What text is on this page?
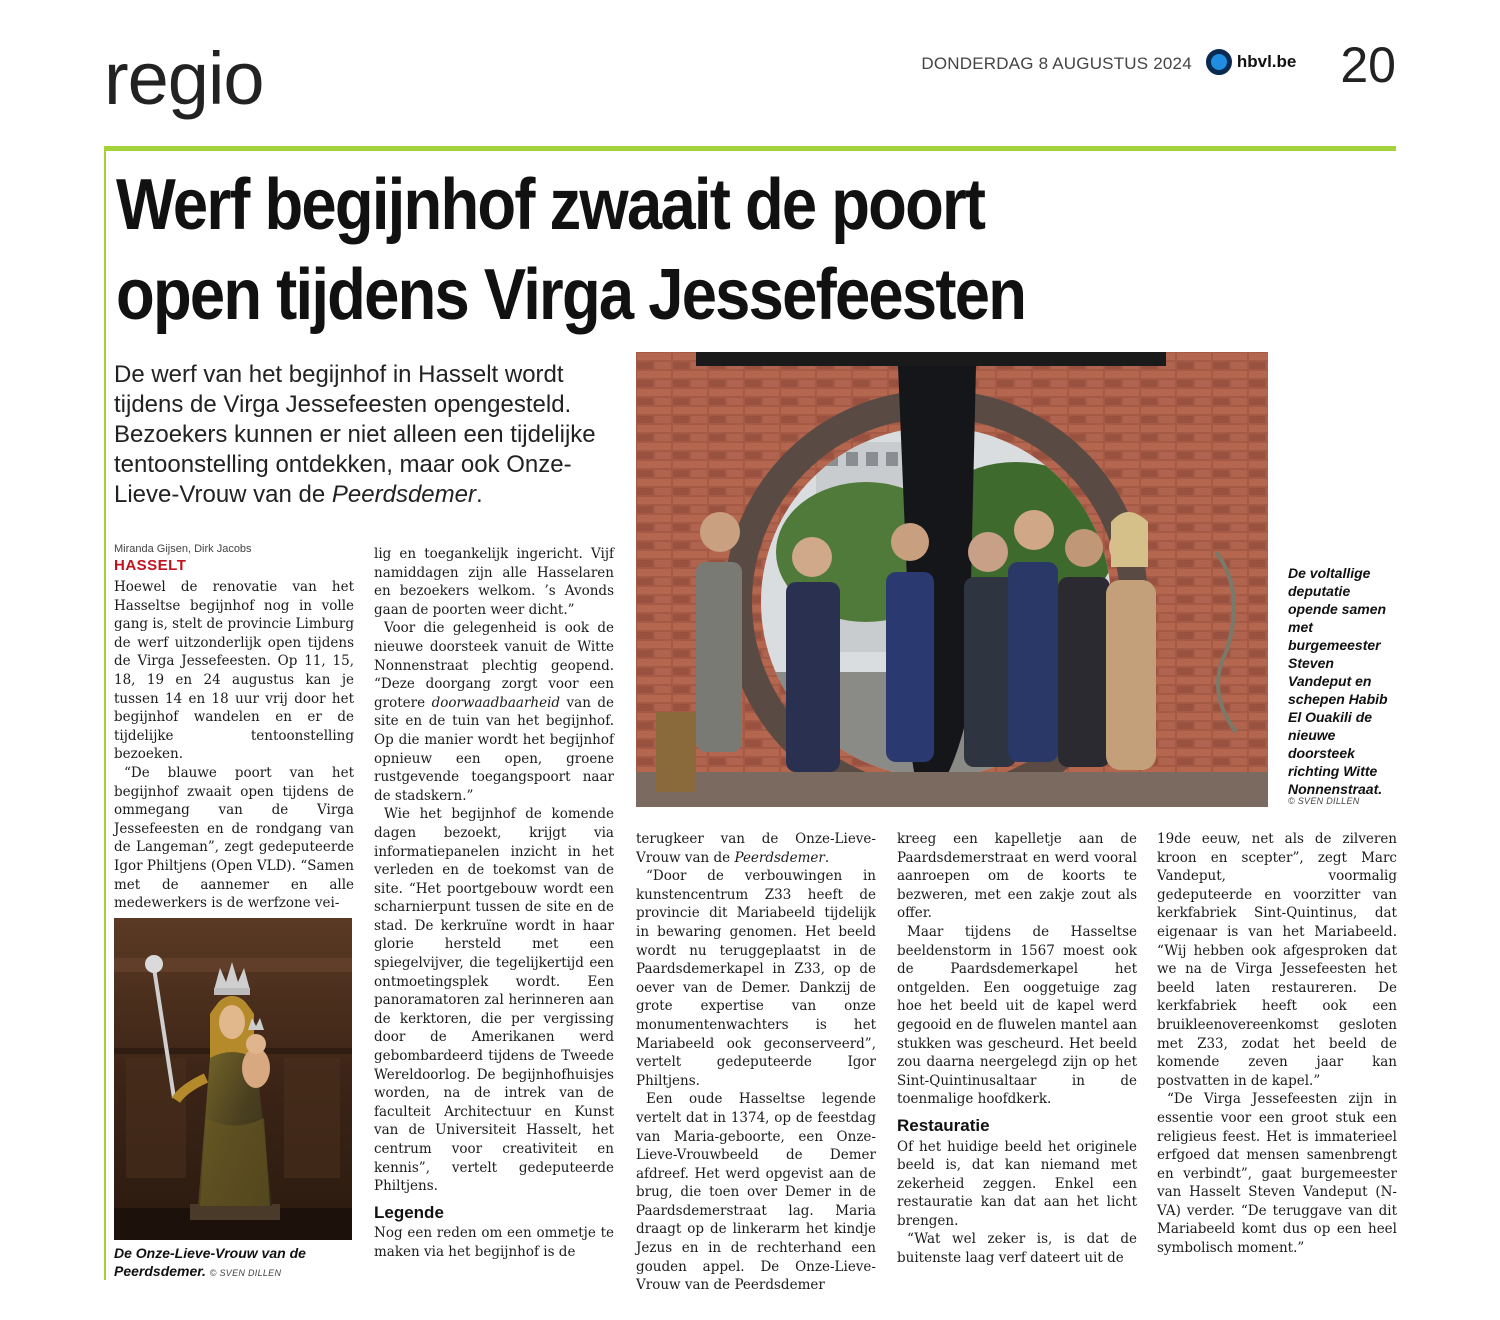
regio	DONDERDAG 8 AUGUSTUS 2024	hbvl.be 20
Werf begijnhof zwaait de poort
open tijdens Virga Jessefeesten
De werf van het begijnhof in Hasselt wordt tijdens de Virga Jessefeesten opengesteld. Bezoekers kunnen er niet alleen een tijdelijke tentoonstelling ontdekken, maar ook Onze-Lieve-Vrouw van de Peerdsdemer.
Miranda Gijsen, Dirk Jacobs
HASSELT

Hoewel de renovatie van het Hasseltse begijnhof nog in volle gang is, stelt de provincie Limburg de werf uitzonderlijk open tijdens de Virga Jessefeesten. Op 11, 15, 18, 19 en 24 augustus kan je tussen 14 en 18 uur vrij door het begijnhof wandelen en er de tijdelijke tentoonstelling bezoeken.

“De blauwe poort van het begijnhof zwaait open tijdens de ommegang van de Virga Jessefeesten en de rondgang van de Langeman”, zegt gedeputeerde Igor Philtjens (Open VLD). “Samen met de aannemer en alle medewerkers is de werfzone vei-

De Onze-Lieve-Vrouw van de Peerdsdemer. © SVEN DILLEN

lig en toegankelijk ingericht. Vijf namiddagen zijn alle Hasselaren en bezoekers welkom. ’s Avonds gaan de poorten weer dicht.”

Voor die gelegenheid is ook de nieuwe doorsteek vanuit de Witte Nonnenstraat plechtig geopend. “Deze doorgang zorgt voor een grotere doorwaadbaarheid van de site en de tuin van het begijnhof. Op die manier wordt het begijnhof opnieuw een open, groene rustgevende toegangspoort naar de stadskern.”

Wie het begijnhof de komende dagen bezoekt, krijgt via informatiepanelen inzicht in het verleden en de toekomst van de site. “Het poortgebouw wordt een scharnierpunt tussen de site en de stad. De kerkruïne wordt in haar glorie hersteld met een spiegelvijver, die tegelijkertijd een ontmoetingsplek wordt. Een panoramatoren zal herinneren aan de kerktoren, die per vergissing door de Amerikanen werd gebombardeerd tijdens de Tweede Wereldoorlog. De begijnhofhuisjes worden, na de intrek van de faculteit Architectuur en Kunst van de Universiteit Hasselt, het centrum voor creativiteit en kennis”, vertelt gedeputeerde Philtjens.

Legende

Nog een reden om een ommetje te maken via het begijnhof is de

De voltallige deputatie opende samen met burgemeester Steven Vandeput en schepen Habib El Ouakili de nieuwe doorsteek richting Witte Nonnenstraat.
© SVEN DILLEN

terugkeer van de Onze-Lieve-Vrouw van de Peerdsdemer.

“Door de verbouwingen in kunstencentrum Z33 heeft de provincie dit Mariabeeld tijdelijk in bewaring genomen. Het beeld wordt nu teruggeplaatst in de Paardsdemerkapel in Z33, op de oever van de Demer. Dankzij de grote expertise van onze monumentenwachters is het Mariabeeld ook geconserveerd”, vertelt gedeputeerde Igor Philtjens.

Een oude Hasseltse legende vertelt dat in 1374, op de feestdag van Maria-geboorte, een Onze-Lieve-Vrouwbeeld de Demer afdreef. Het werd opgevist aan de brug, die toen over Demer in de Paardsdemerstraat lag. Maria draagt op de linkerarm het kindje Jezus en in de rechterhand een gouden appel. De Onze-Lieve-Vrouw van de Peerdsdemer

kreeg een kapelletje aan de Paardsdemerstraat en werd vooral aanroepen om de koorts te bezweren, met een zakje zout als offer.

Maar tijdens de Hasseltse beeldenstorm in 1567 moest ook de Paardsdemerkapel het ontgelden. Een ooggetuige zag hoe het beeld uit de kapel werd gegooid en de fluwelen mantel aan stukken was gescheurd. Het beeld zou daarna neergelegd zijn op het Sint-Quintinusaltaar in de toenmalige hoofdkerk.

Restauratie

Of het huidige beeld het originele beeld is, dat kan niemand met zekerheid zeggen. Enkel een restauratie kan dat aan het licht brengen.

“Wat wel zeker is, is dat de buitenste laag verf dateert uit de

19de eeuw, net als de zilveren kroon en scepter”, zegt Marc Vandeput, voormalig gedeputeerde en voorzitter van kerkfabriek Sint-Quintinus, dat eigenaar is van het Mariabeeld. “Wij hebben ook afgesproken dat we na de Virga Jessefeesten het beeld laten restaureren. De kerkfabriek heeft ook een bruikleenovereenkomst gesloten met Z33, zodat het beeld de komende zeven jaar kan postvatten in de kapel.”

“De Virga Jessefeesten zijn in essentie voor een groot stuk een religieus feest. Het is immaterieel erfgoed dat mensen samenbrengt en verbindt”, gaat burgemeester van Hasselt Steven Vandeput (N-VA) verder. “De teruggave van dit Mariabeeld komt dus op een heel symbolisch moment.”
